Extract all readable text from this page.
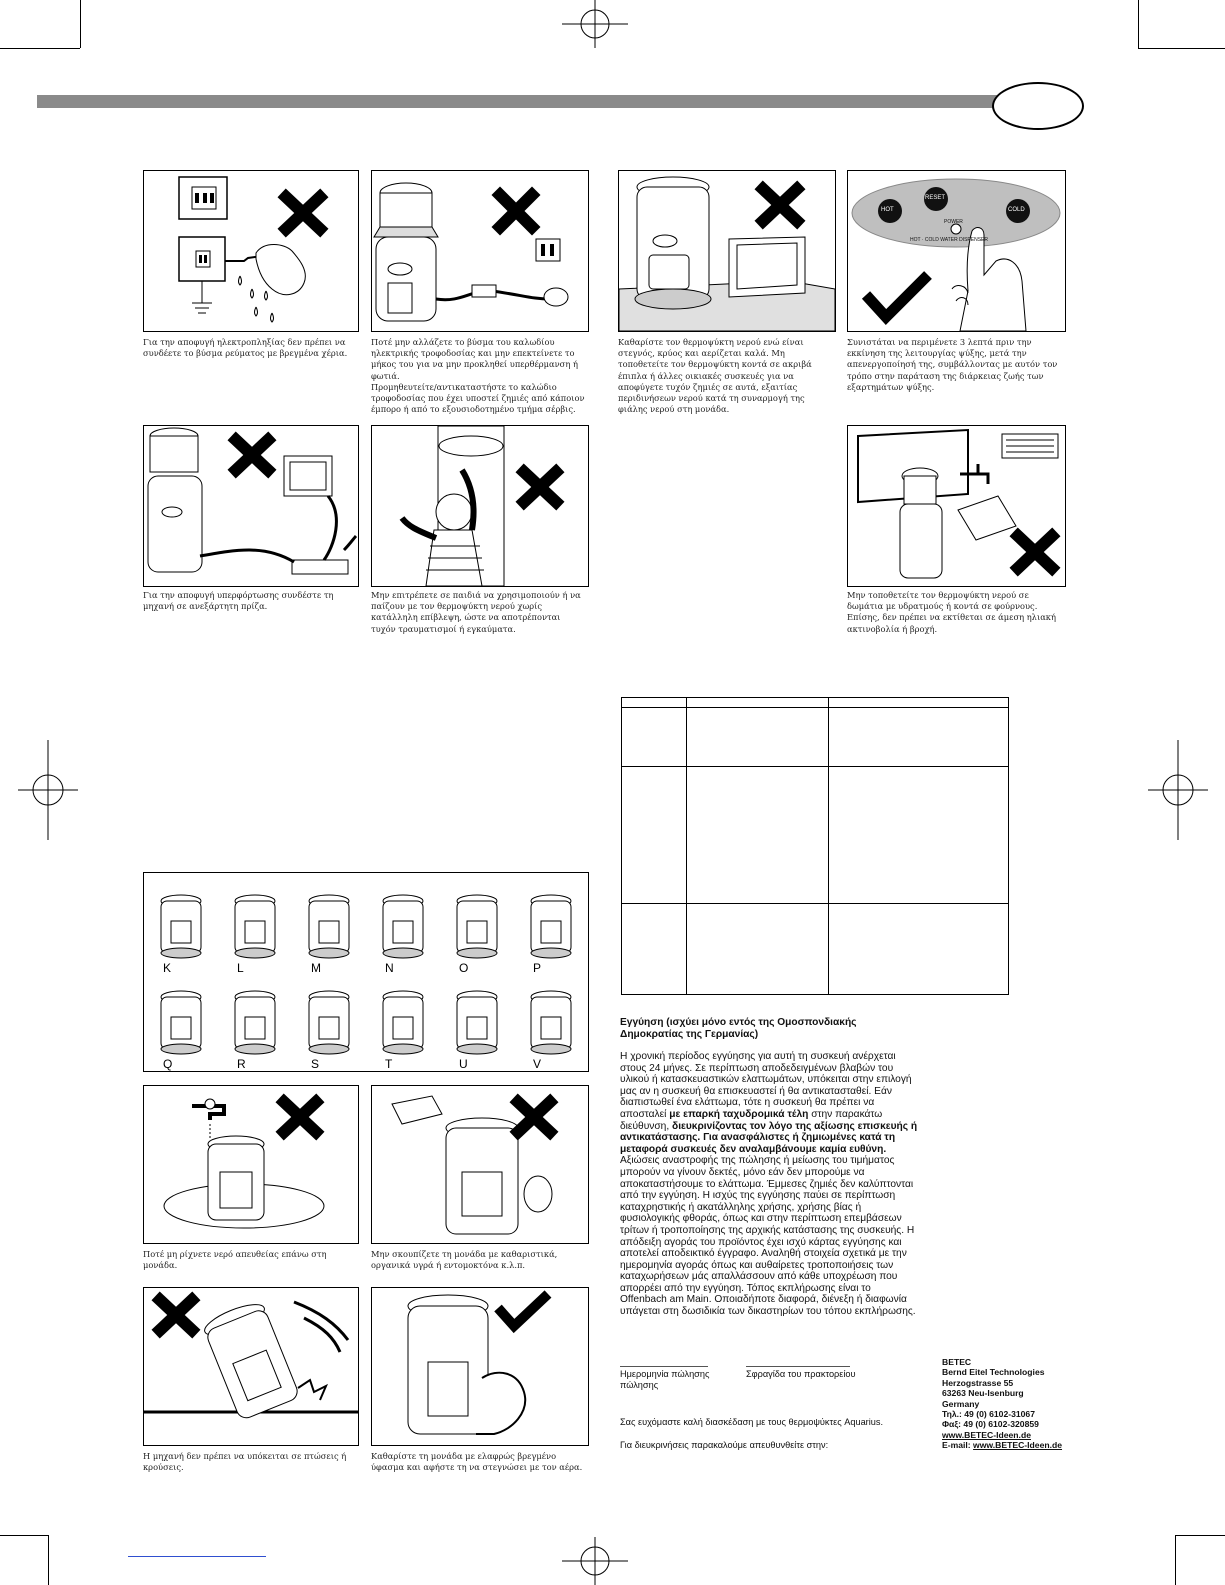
Για την αποφυγή ηλεκτροπληξίας δεν πρέπει να συνδέετε το βύσμα ρεύματος με βρεγμένα χέρια.

Ποτέ μην αλλάζετε το βύσμα του καλωδίου ηλεκτρικής τροφοδοσίας και μην επεκτείνετε το μήκος του για να μην προκληθεί υπερθέρμανση ή φωτιά.

Προμηθευτείτε/αντικαταστήστε το καλώδιο τροφοδοσίας που έχει υποστεί ζημιές από κάποιον έμπορο ή από το εξουσιοδοτημένο τμήμα σέρβις.

Καθαρίστε τον θερμοψύκτη νερού ενώ είναι στεγνός, κρύος και αερίζεται καλά. Μη τοποθετείτε τον θερμοψύκτη κοντά σε ακριβά έπιπλα ή άλλες οικιακές συσκευές για να αποφύγετε τυχόν ζημιές σε αυτά, εξαιτίας περιδινήσεων νερού κατά τη συναρμογή της φιάλης νερού στη μονάδα.

HOT
RESET
COLD
POWER
HOT · COLD WATER DISPENSER

Συνιστάται να περιμένετε 3 λεπτά πριν την εκκίνηση της λειτουργίας ψύξης, μετά την απενεργοποίησή της, συμβάλλοντας με αυτόν τον τρόπο στην παράταση της διάρκειας ζωής των εξαρτημάτων ψύξης.

Για την αποφυγή υπερφόρτωσης συνδέστε τη μηχανή σε ανεξάρτητη πρίζα.

Μην επιτρέπετε σε παιδιά να χρησιμοποιούν ή να παίζουν με τον θερμοψύκτη νερού χωρίς κατάλληλη επίβλεψη, ώστε να αποτρέπονται τυχόν τραυματισμοί ή εγκαύματα.

Μην τοποθετείτε τον θερμοψύκτη νερού σε δωμάτια με υδρατμούς ή κοντά σε φούρνους. Επίσης, δεν πρέπει να εκτίθεται σε άμεση ηλιακή ακτινοβολία ή βροχή.

K	L	M	N	O	P
Q	R	S	T	U	V

Ποτέ μη ρίχνετε νερό απευθείας επάνω στη μονάδα.

Μην σκουπίζετε τη μονάδα με καθαριστικά, οργανικά υγρά ή εντομοκτόνα κ.λ.π.

Η μηχανή δεν πρέπει να υπόκειται σε πτώσεις ή κρούσεις.

Καθαρίστε τη μονάδα με ελαφρώς βρεγμένο ύφασμα και αφήστε τη να στεγνώσει με τον αέρα.

Εγγύηση (ισχύει μόνο εντός της Ομοσπονδιακής
Δημοκρατίας της Γερμανίας)
Η χρονική περίοδος εγγύησης για αυτή τη συσκευή ανέρχεται στους 24 μήνες. Σε περίπτωση αποδεδειγμένων βλαβών του υλικού ή κατασκευαστικών ελαττωμάτων, υπόκειται στην επιλογή μας αν η συσκευή θα επισκευαστεί ή θα αντικατασταθεί. Εάν διαπιστωθεί ένα ελάττωμα, τότε η συσκευή θα πρέπει να αποσταλεί με επαρκή ταχυδρομικά τέλη στην παρακάτω διεύθυνση, διευκρινίζοντας τον λόγο της αξίωσης επισκευής ή αντικατάστασης. Για ανασφάλιστες ή ζημιωμένες κατά τη μεταφορά συσκευές δεν αναλαμβάνουμε καμία ευθύνη. Αξιώσεις αναστροφής της πώλησης ή μείωσης του τιμήματος μπορούν να γίνουν δεκτές, μόνο εάν δεν μπορούμε να αποκαταστήσουμε το ελάττωμα. Έμμεσες ζημιές δεν καλύπτονται από την εγγύηση. Η ισχύς της εγγύησης παύει σε περίπτωση καταχρηστικής ή ακατάλληλης χρήσης, χρήσης βίας ή φυσιολογικής φθοράς, όπως και στην περίπτωση επεμβάσεων τρίτων ή τροποποίησης της αρχικής κατάστασης της συσκευής. Η απόδειξη αγοράς του προϊόντος έχει ισχύ κάρτας εγγύησης και αποτελεί αποδεικτικό έγγραφο. Αναληθή στοιχεία σχετικά με την ημερομηνία αγοράς όπως και αυθαίρετες τροποποιήσεις των καταχωρήσεων μάς απαλλάσσουν από κάθε υποχρέωση που απορρέει από την εγγύηση. Τόπος εκπλήρωσης είναι το Offenbach am Main. Οποιαδήποτε διαφορά, διένεξη ή διαφωνία υπάγεται στη δωσιδικία των δικαστηρίων του τόπου εκπλήρωσης.
Ημερομηνία πώλησης
πώλησης
Σφραγίδα του πρακτορείου
Σας ευχόμαστε καλή διασκέδαση με τους θερμοψύκτες Aquarius.
Για διευκρινήσεις παρακαλούμε απευθυνθείτε στην:
BETEC
Bernd Eitel Technologies
Herzogstrasse 55
63263 Neu-Isenburg
Germany
Τηλ.: 49 (0) 6102-31067
Φαξ: 49 (0) 6102-320859
www.BETEC-Ideen.de
E-mail: www.BETEC-Ideen.de
